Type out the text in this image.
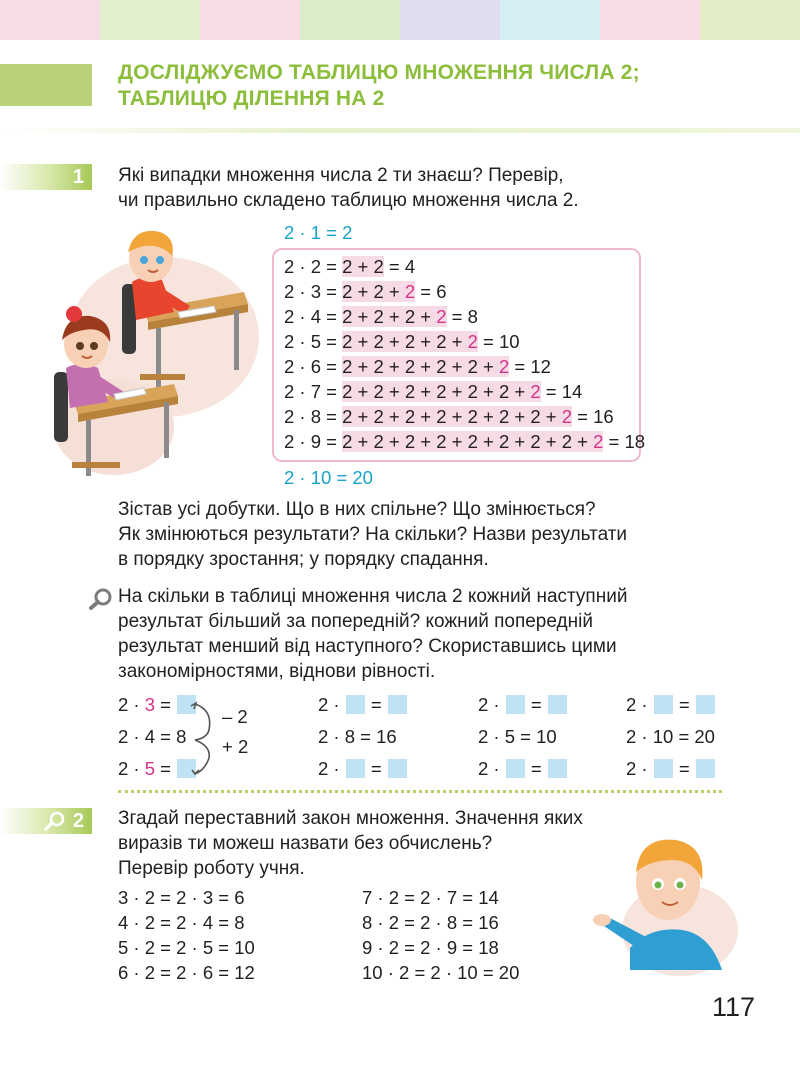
ДОСЛІДЖУЄМО ТАБЛИЦЮ МНОЖЕННЯ ЧИСЛА 2;
ТАБЛИЦЮ ДІЛЕННЯ НА 2
1 Які випадки множення числа 2 ти знаєш? Перевір,
чи правильно складено таблицю множення числа 2.
2 · 1 = 2
2 · 2 = 2 + 2 = 4
2 · 3 = 2 + 2 + 2 = 6
2 · 4 = 2 + 2 + 2 + 2 = 8
2 · 5 = 2 + 2 + 2 + 2 + 2 = 10
2 · 6 = 2 + 2 + 2 + 2 + 2 + 2 = 12
2 · 7 = 2 + 2 + 2 + 2 + 2 + 2 + 2 = 14
2 · 8 = 2 + 2 + 2 + 2 + 2 + 2 + 2 + 2 = 16
2 · 9 = 2 + 2 + 2 + 2 + 2 + 2 + 2 + 2 + 2 = 18
2 · 10 = 20
Зістав усі добутки. Що в них спільне? Що змінюється?
Як змінюються результати? На скільки? Назви результати
в порядку зростання; у порядку спадання.
На скільки в таблиці множення числа 2 кожний наступний
результат більший за попередній? кожний попередній
результат менший від наступного? Скориставшись цими
закономірностями, віднови рівності.
2 · 3 =
2 · 4 = 8
2 · 5 =
– 2
+ 2
2 ·  =
2 · 8 = 16
2 ·  =
2 ·  =
2 · 5 = 10
2 ·  =
2 ·  =
2 · 10 = 20
2 ·  =
2 Згадай переставний закон множення. Значення яких
виразів ти можеш назвати без обчислень?
Перевір роботу учня.
3 · 2 = 2 · 3 = 6
4 · 2 = 2 · 4 = 8
5 · 2 = 2 · 5 = 10
6 · 2 = 2 · 6 = 12
7 · 2 = 2 · 7 = 14
8 · 2 = 2 · 8 = 16
9 · 2 = 2 · 9 = 18
10 · 2 = 2 · 10 = 20
117
